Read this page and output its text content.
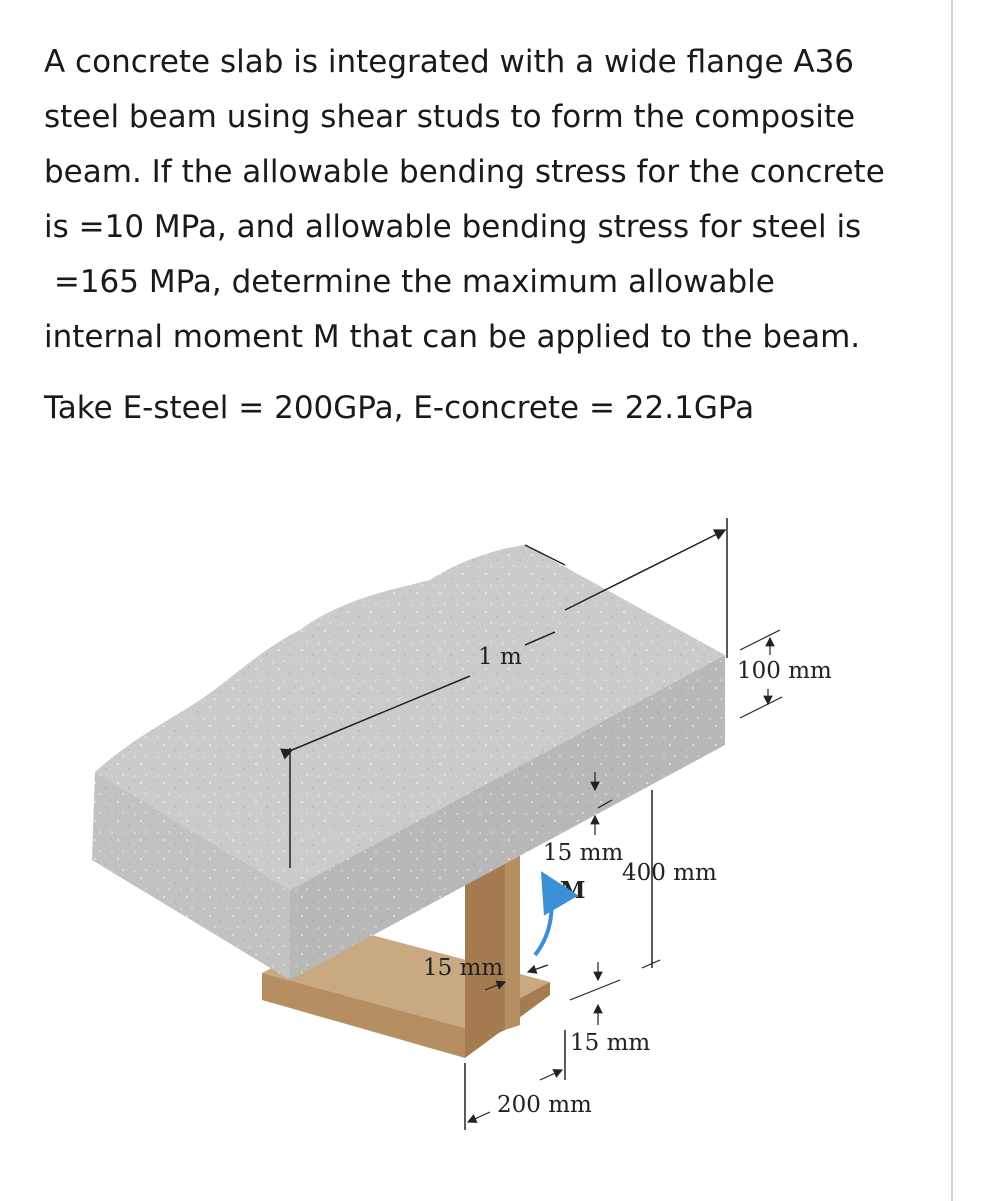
A concrete slab is integrated with a wide flange A36
steel beam using shear studs to form the composite
beam. If the allowable bending stress for the concrete
is =10 MPa, and allowable bending stress for steel is
=165 MPa, determine the maximum allowable
internal moment M that can be applied to the beam.
Take E-steel = 200GPa, E-concrete = 22.1GPa
1 m
100 mm
400 mm
15 mm
M
15 mm
15 mm
200 mm
